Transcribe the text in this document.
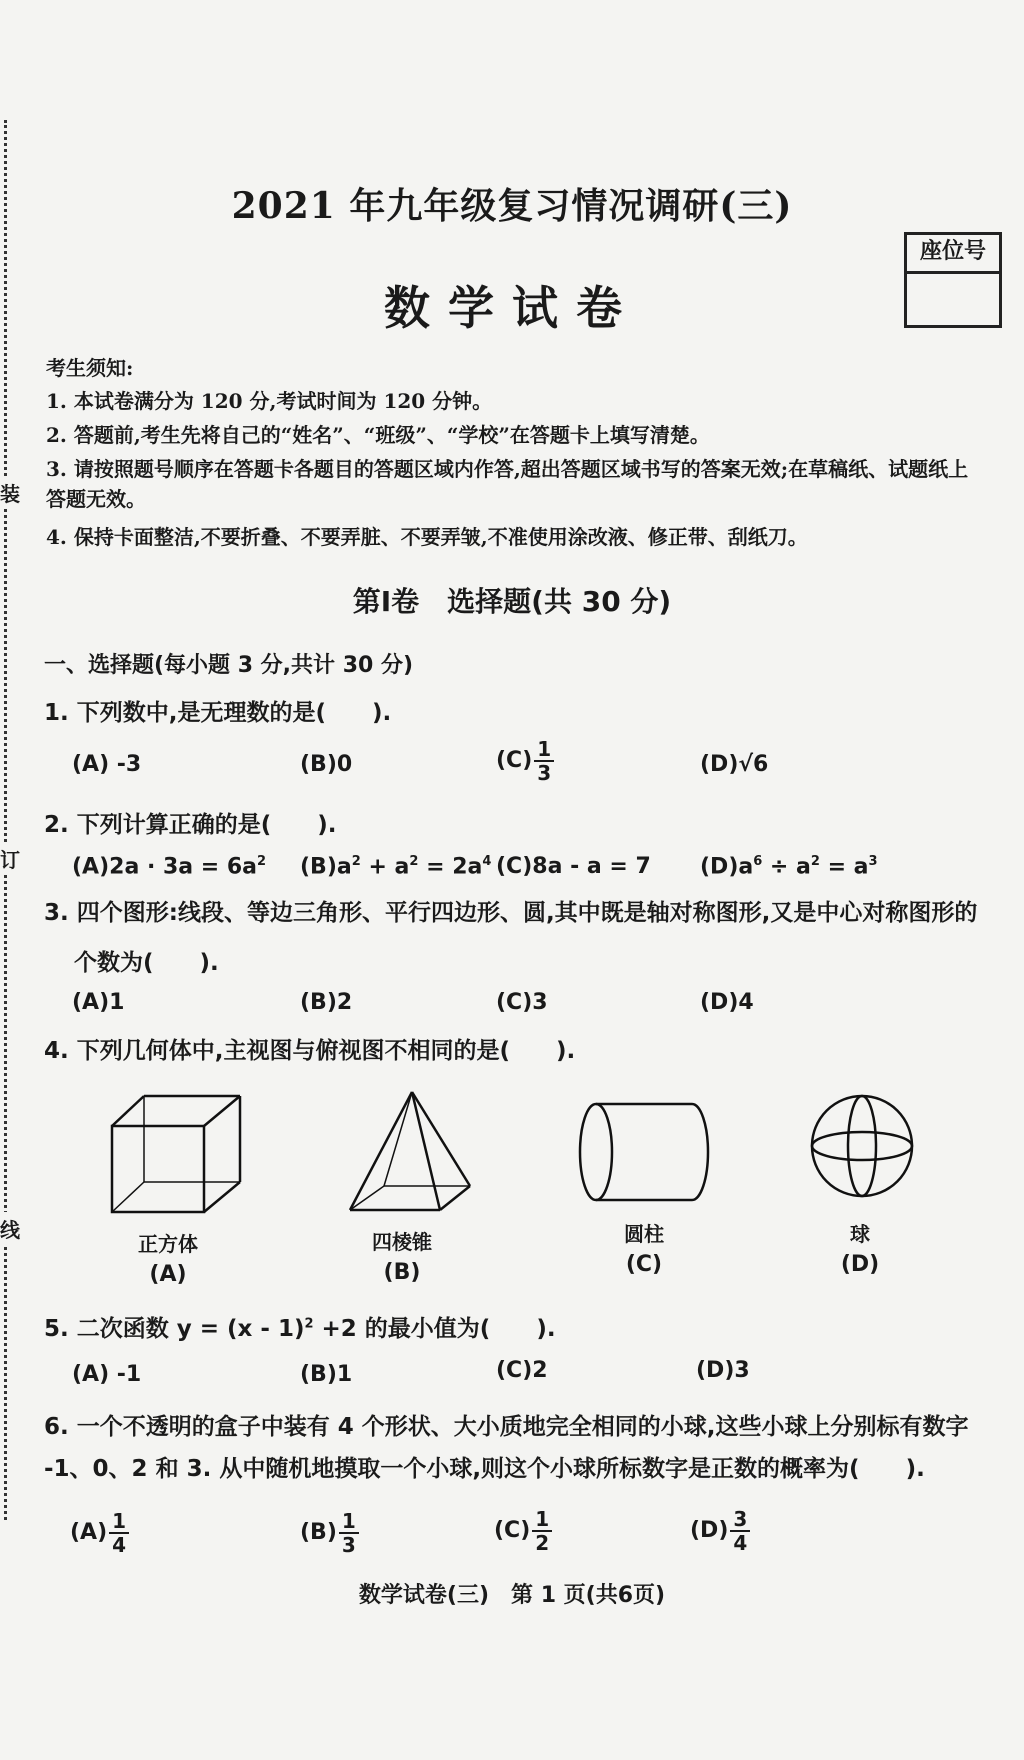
装
订
线
2021 年九年级复习情况调研(三)
数学试卷
座位号
考生须知:
1. 本试卷满分为 120 分,考试时间为 120 分钟。
2. 答题前,考生先将自己的“姓名”、“班级”、“学校”在答题卡上填写清楚。
3. 请按照题号顺序在答题卡各题目的答题区域内作答,超出答题区域书写的答案无效;在草稿纸、试题纸上答题无效。
4. 保持卡面整洁,不要折叠、不要弄脏、不要弄皱,不准使用涂改液、修正带、刮纸刀。
第Ⅰ卷　选择题(共 30 分)
一、选择题(每小题 3 分,共计 30 分)
1. 下列数中,是无理数的是(　　).
(A) -3	(B)0	$(C) \frac{1}{3}$	(D)√6
2. 下列计算正确的是(　　).
$(A)2a \cdot 3a = 6a^2$ $(B)a^2 + a^2 = 2a^4$ (C)8a - a = 7 $(D)a^6 \div a^2 = a^3$
3. 四个图形:线段、等边三角形、平行四边形、圆,其中既是轴对称图形,又是中心对称图形的
个数为(　　).
(A)1	(B)2	(C)3	(D)4
4. 下列几何体中,主视图与俯视图不相同的是(　　).
正方体
(A)
四棱锥
(B)
圆柱
(C)
球
(D)
5. 二次函数 y = (x - 1)$^2$ +2 的最小值为(　　).
(A) -1	(B)1	(C)2	(D)3
6. 一个不透明的盒子中装有 4 个形状、大小质地完全相同的小球,这些小球上分别标有数字
-1、0、2 和 3. 从中随机地摸取一个小球,则这个小球所标数字是正数的概率为(　　).
$(A) \frac{1}{4}$	$(B) \frac{1}{3}$	$(C) \frac{1}{2}$	$(D) \frac{3}{4}$
数学试卷(三)　第 1 页(共6页)
